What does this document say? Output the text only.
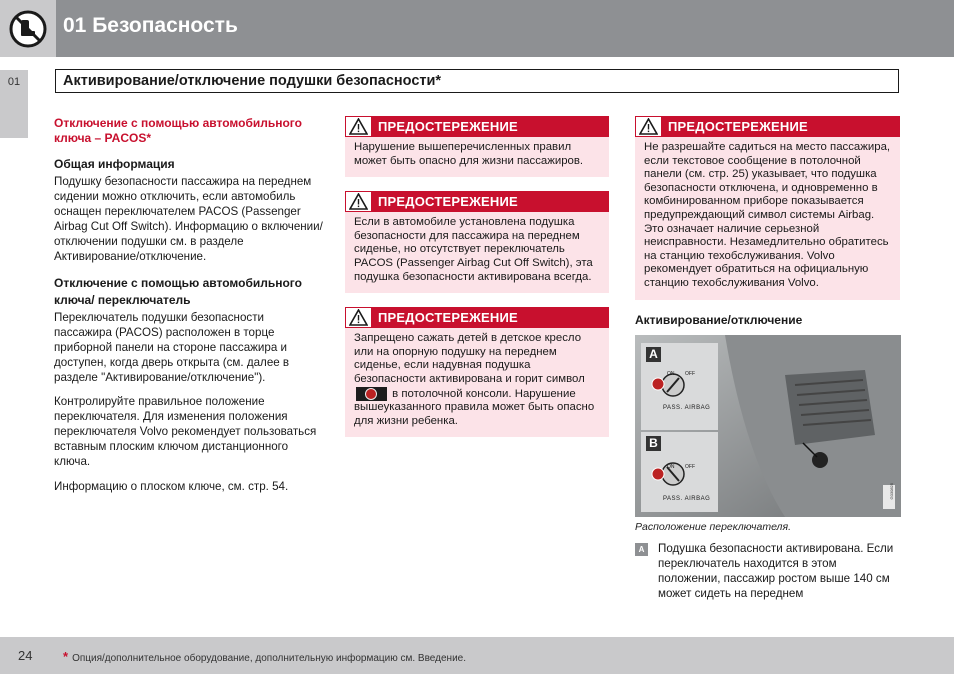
01 Безопасность
01	Активирование/отключение подушки безопасности*
Отключение с помощью автомобильного ключа – PACOS*
Общая информация
Подушку безопасности пассажира на переднем сидении можно отключить, если автомобиль оснащен переключателем PACOS (Passenger Airbag Cut Off Switch). Информацию о включении/отключении подушки см. в разделе Активирование/отключение.
Отключение с помощью автомобильного ключа/ переключатель
Переключатель подушки безопасности пассажира (PACOS) расположен в торце приборной панели на стороне пассажира и доступен, когда дверь открыта (см. далее в разделе "Активирование/отключение").
Контролируйте правильное положение переключателя. Для изменения положения переключателя Volvo рекомендует пользоваться вставным плоским ключом дистанционного ключа.
Информацию о плоском ключе, см. стр. 54.
ПРЕДОСТЕРЕЖЕНИЕ
Нарушение вышеперечисленных правил может быть опасно для жизни пассажиров.
ПРЕДОСТЕРЕЖЕНИЕ
Если в автомобиле установлена подушка безопасности для пассажира на переднем сиденье, но отсутствует переключатель PACOS (Passenger Airbag Cut Off Switch), эта подушка безопасности активирована всегда.
ПРЕДОСТЕРЕЖЕНИЕ
Запрещено сажать детей в детское кресло или на опорную подушку на переднем сиденье, если надувная подушка безопасности активирована и горит символ
в потолочной консоли. Нарушение вышеуказанного правила может быть опасно для жизни ребенка.
ПРЕДОСТЕРЕЖЕНИЕ
Не разрешайте садиться на место пассажира, если текстовое сообщение в потолочной панели (см. стр. 25) указывает, что подушка безопасности отключена, и одновременно в комбинированном приборе показывается предупреждающий символ системы Airbag. Это означает наличие серьезной неисправности. Незамедлительно обратитесь на станцию техобслуживания. Volvo рекомендует обратиться на официальную станцию техобслуживания Volvo.
Активирование/отключение
A
ON OFF
PASS. AIRBAG
B
ON OFF
PASS. AIRBAG	G030825
Расположение переключателя.
A	Подушка безопасности активирована. Если переключатель находится в этом положении, пассажир ростом выше 140 см может сидеть на переднем
24 * Опция/дополнительное оборудование, дополнительную информацию см. Введение.
